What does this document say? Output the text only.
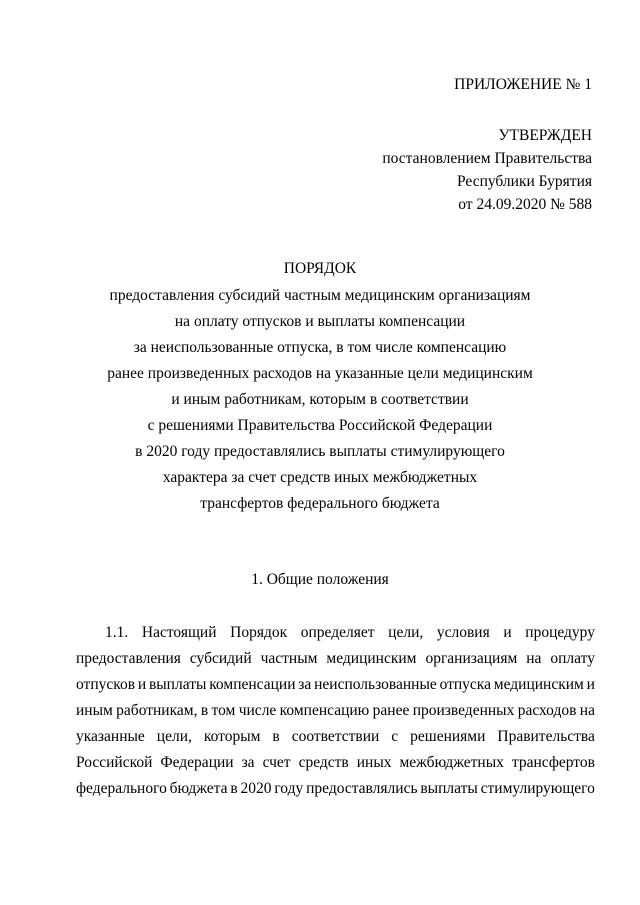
ПРИЛОЖЕНИЕ № 1
УТВЕРЖДЕН
постановлением Правительства
Республики Бурятия
от 24.09.2020 № 588
ПОРЯДОК
предоставления субсидий частным медицинским организациям
на оплату отпусков и выплаты компенсации
за неиспользованные отпуска, в том числе компенсацию
ранее произведенных расходов на указанные цели медицинским
и иным работникам, которым в соответствии
с решениями Правительства Российской Федерации
в 2020 году предоставлялись выплаты стимулирующего
характера за счет средств иных межбюджетных
трансфертов федерального бюджета
1. Общие положения
1.1. Настоящий Порядок определяет цели, условия и процедуру
предоставления субсидий частным медицинским организациям на оплату
отпусков и выплаты компенсации за неиспользованные отпуска медицинским и
иным работникам, в том числе компенсацию ранее произведенных расходов на
указанные цели, которым в соответствии с решениями Правительства
Российской Федерации за счет средств иных межбюджетных трансфертов
федерального бюджета в 2020 году предоставлялись выплаты стимулирующего
